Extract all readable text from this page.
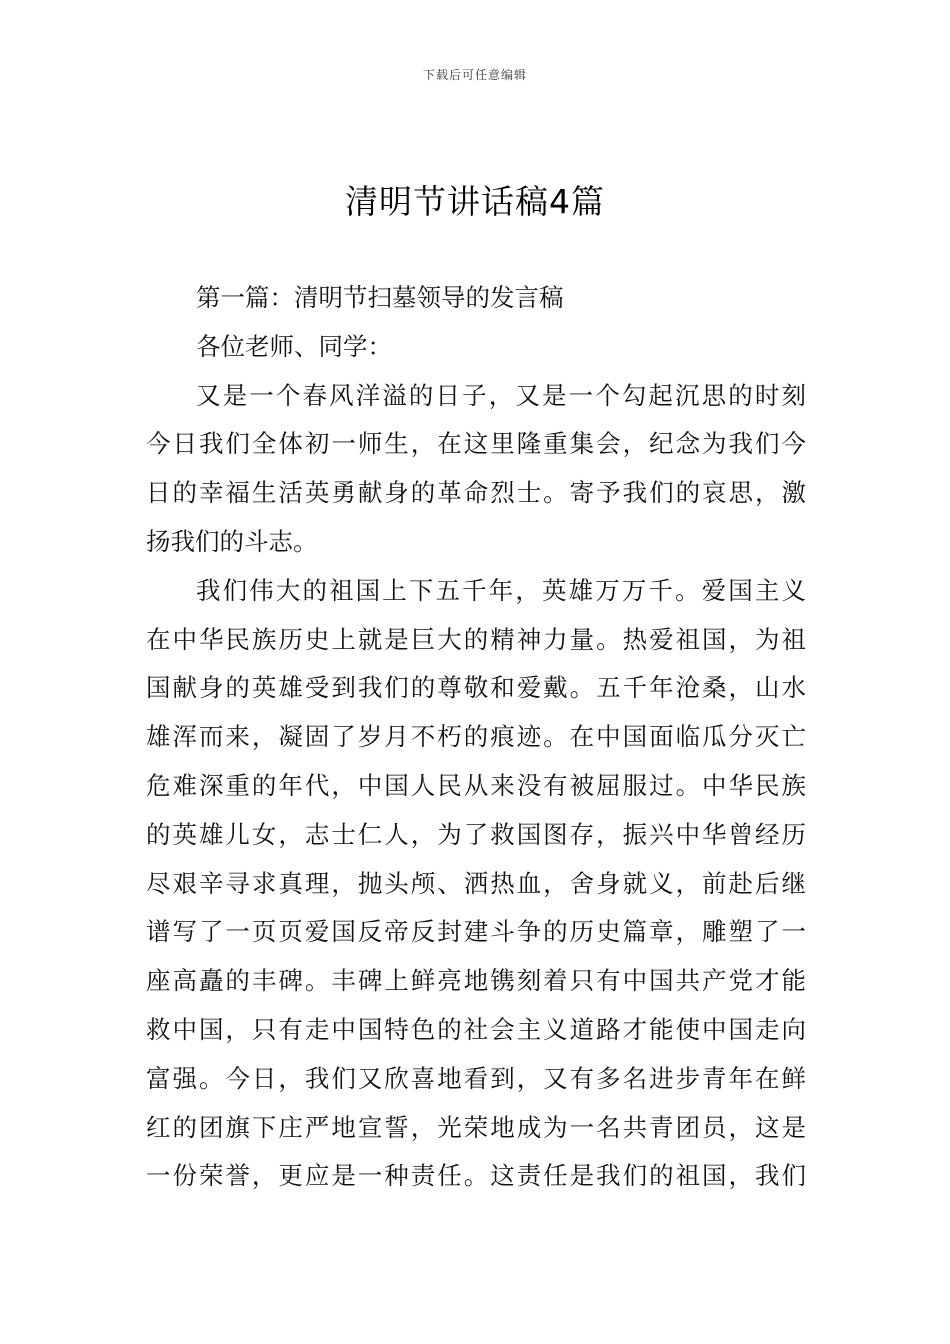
下载后可任意编辑
清明节讲话稿4篇
第一篇：清明节扫墓领导的发言稿
各位老师、同学：
又是一个春风洋溢的日子，又是一个勾起沉思的时刻
今日我们全体初一师生，在这里隆重集会，纪念为我们今
日的幸福生活英勇献身的革命烈士。寄予我们的哀思，激
扬我们的斗志。
我们伟大的祖国上下五千年，英雄万万千。爱国主义
在中华民族历史上就是巨大的精神力量。热爱祖国，为祖
国献身的英雄受到我们的尊敬和爱戴。五千年沧桑，山水
雄浑而来，凝固了岁月不朽的痕迹。在中国面临瓜分灭亡
危难深重的年代，中国人民从来没有被屈服过。中华民族
的英雄儿女，志士仁人，为了救国图存，振兴中华曾经历
尽艰辛寻求真理，抛头颅、洒热血，舍身就义，前赴后继
谱写了一页页爱国反帝反封建斗争的历史篇章，雕塑了一
座高矗的丰碑。丰碑上鲜亮地镌刻着只有中国共产党才能
救中国，只有走中国特色的社会主义道路才能使中国走向
富强。今日，我们又欣喜地看到，又有多名进步青年在鲜
红的团旗下庄严地宣誓，光荣地成为一名共青团员，这是
一份荣誉，更应是一种责任。这责任是我们的祖国，我们
